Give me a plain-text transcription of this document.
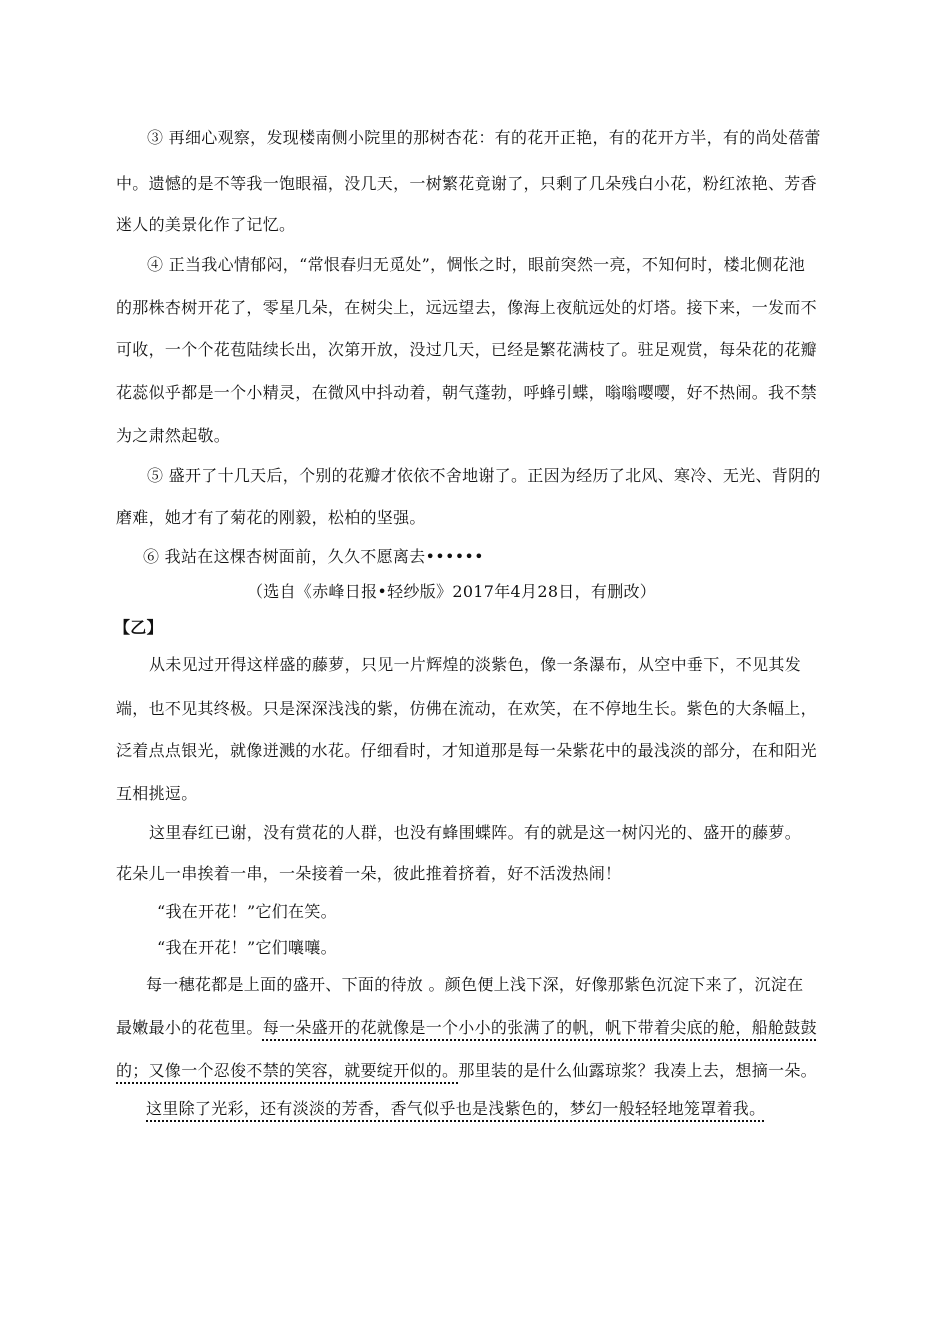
③ 再细心观察，发现楼南侧小院里的那树杏花：有的花开正艳，有的花开方半，有的尚处蓓蕾
中。遗憾的是不等我一饱眼福，没几天，一树繁花竟谢了，只剩了几朵残白小花，粉红浓艳、芳香
迷人的美景化作了记忆。
④ 正当我心情郁闷，“常恨春归无觅处”，惆怅之时，眼前突然一亮，不知何时，楼北侧花池
的那株杏树开花了，零星几朵，在树尖上，远远望去，像海上夜航远处的灯塔。接下来，一发而不
可收，一个个花苞陆续长出，次第开放，没过几天，已经是繁花满枝了。驻足观赏，每朵花的花瓣
花蕊似乎都是一个小精灵，在微风中抖动着，朝气蓬勃，呼蜂引蝶，嗡嗡嘤嘤，好不热闹。我不禁
为之肃然起敬。
⑤ 盛开了十几天后，个别的花瓣才依依不舍地谢了。正因为经历了北风、寒冷、无光、背阴的
磨难，她才有了菊花的刚毅，松柏的坚强。
⑥ 我站在这棵杏树面前，久久不愿离去••••••
（选自《赤峰日报•轻纱版》2017年4月28日，有删改）
【乙】
从未见过开得这样盛的藤萝，只见一片辉煌的淡紫色，像一条瀑布，从空中垂下，不见其发
端，也不见其终极。只是深深浅浅的紫，仿佛在流动，在欢笑，在不停地生长。紫色的大条幅上，
泛着点点银光，就像迸溅的水花。仔细看时，才知道那是每一朵紫花中的最浅淡的部分，在和阳光
互相挑逗。
这里春红已谢，没有赏花的人群，也没有蜂围蝶阵。有的就是这一树闪光的、盛开的藤萝。
花朵儿一串挨着一串，一朵接着一朵，彼此推着挤着，好不活泼热闹！
“我在开花！”它们在笑。
“我在开花！”它们嚷嚷。
每一穗花都是上面的盛开、下面的待放 。颜色便上浅下深，好像那紫色沉淀下来了，沉淀在
最嫩最小的花苞里。每一朵盛开的花就像是一个小小的张满了的帆，帆下带着尖底的舱，船舱鼓鼓
的；又像一个忍俊不禁的笑容，就要绽开似的。那里装的是什么仙露琼浆？我凑上去，想摘一朵。
这里除了光彩，还有淡淡的芳香，香气似乎也是浅紫色的，梦幻一般轻轻地笼罩着我。
